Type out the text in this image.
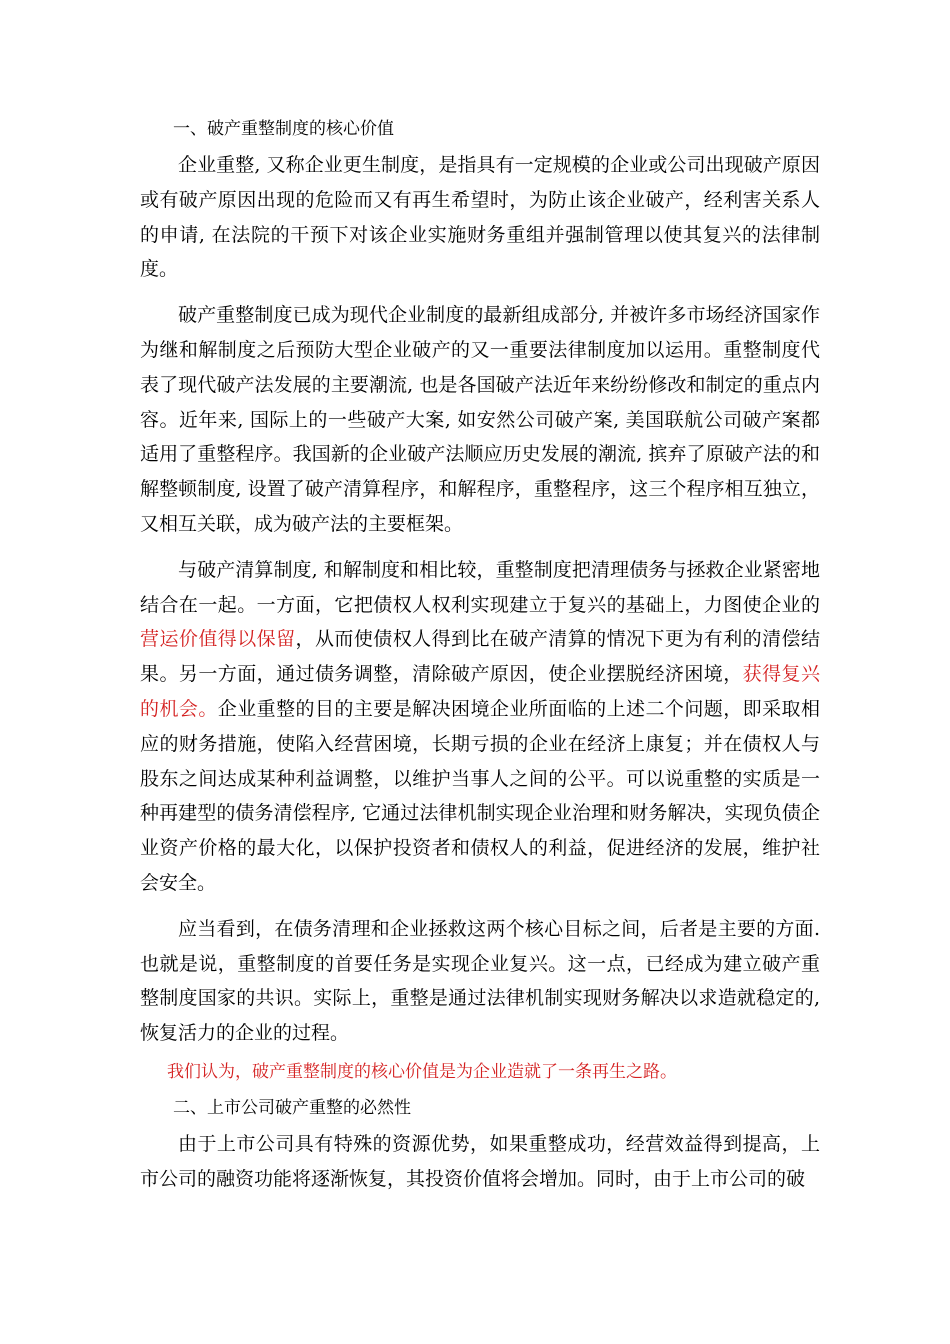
一、破产重整制度的核心价值

企业重整, 又称企业更生制度，是指具有一定规模的企业或公司出现破产原因或有破产原因出现的危险而又有再生希望时，为防止该企业破产，经利害关系人的申请, 在法院的干预下对该企业实施财务重组并强制管理以使其复兴的法律制度。

破产重整制度已成为现代企业制度的最新组成部分, 并被许多市场经济国家作为继和解制度之后预防大型企业破产的又一重要法律制度加以运用。重整制度代表了现代破产法发展的主要潮流, 也是各国破产法近年来纷纷修改和制定的重点内容。近年来, 国际上的一些破产大案, 如安然公司破产案, 美国联航公司破产案都适用了重整程序。我国新的企业破产法顺应历史发展的潮流, 摈弃了原破产法的和解整顿制度, 设置了破产清算程序，和解程序，重整程序，这三个程序相互独立，又相互关联，成为破产法的主要框架。

与破产清算制度, 和解制度和相比较，重整制度把清理债务与拯救企业紧密地结合在一起。一方面，它把债权人权利实现建立于复兴的基础上，力图使企业的营运价值得以保留，从而使债权人得到比在破产清算的情况下更为有利的清偿结果。另一方面，通过债务调整，清除破产原因，使企业摆脱经济困境，获得复兴的机会。企业重整的目的主要是解决困境企业所面临的上述二个问题，即采取相应的财务措施，使陷入经营困境，长期亏损的企业在经济上康复；并在债权人与股东之间达成某种利益调整，以维护当事人之间的公平。可以说重整的实质是一种再建型的债务清偿程序, 它通过法律机制实现企业治理和财务解决，实现负债企业资产价格的最大化，以保护投资者和债权人的利益，促进经济的发展，维护社会安全。

应当看到，在债务清理和企业拯救这两个核心目标之间，后者是主要的方面. 也就是说，重整制度的首要任务是实现企业复兴。这一点，已经成为建立破产重整制度国家的共识。实际上，重整是通过法律机制实现财务解决以求造就稳定的, 恢复活力的企业的过程。

我们认为，破产重整制度的核心价值是为企业造就了一条再生之路。
二、上市公司破产重整的必然性

由于上市公司具有特殊的资源优势，如果重整成功，经营效益得到提高，上市公司的融资功能将逐渐恢复，其投资价值将会增加。同时，由于上市公司的破
